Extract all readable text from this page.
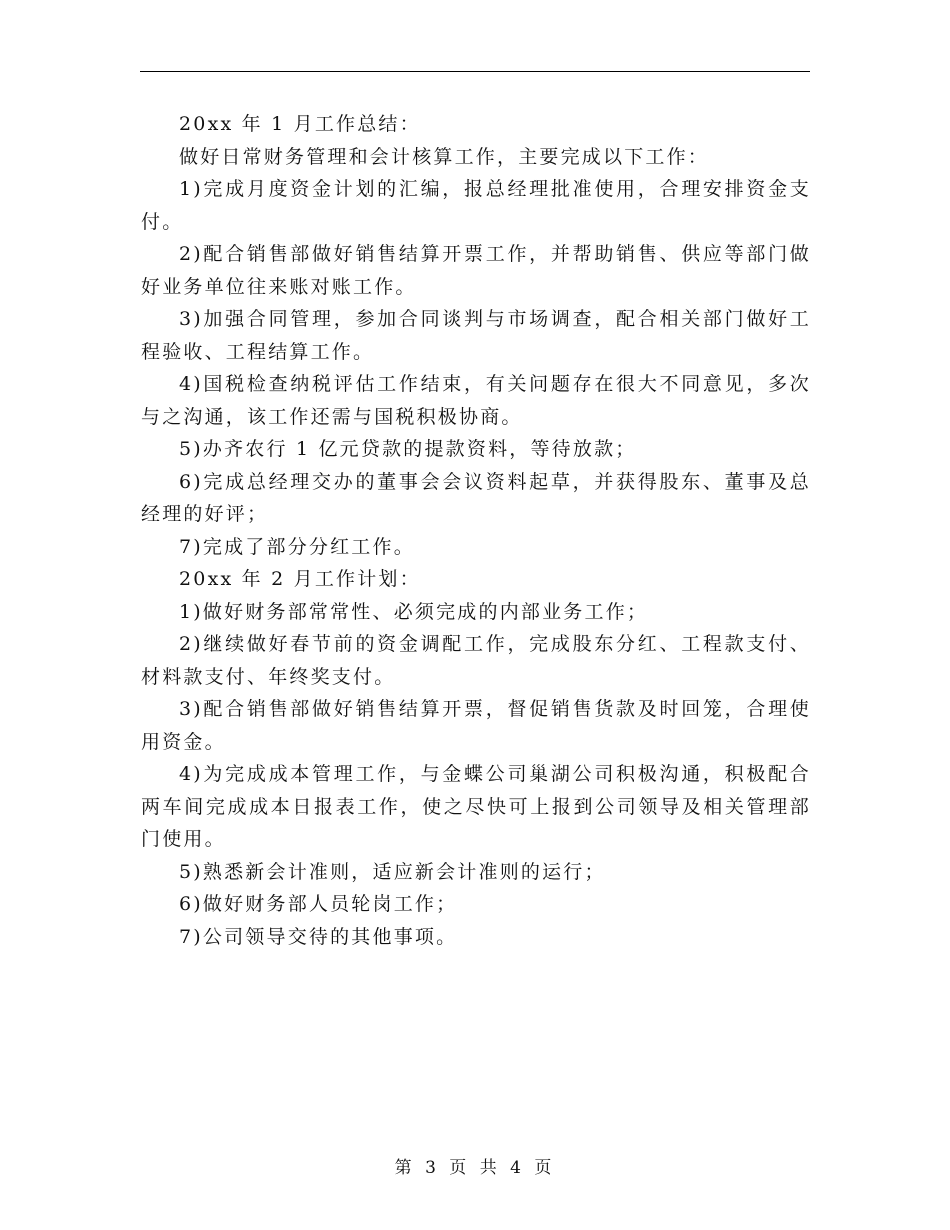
20xx 年 1 月工作总结：

做好日常财务管理和会计核算工作，主要完成以下工作：

1)完成月度资金计划的汇编，报总经理批准使用，合理安排资金支付。

2)配合销售部做好销售结算开票工作，并帮助销售、供应等部门做好业务单位往来账对账工作。

3)加强合同管理，参加合同谈判与市场调查，配合相关部门做好工程验收、工程结算工作。

4)国税检查纳税评估工作结束，有关问题存在很大不同意见，多次与之沟通，该工作还需与国税积极协商。

5)办齐农行 1 亿元贷款的提款资料，等待放款；

6)完成总经理交办的董事会会议资料起草，并获得股东、董事及总经理的好评；

7)完成了部分分红工作。

20xx 年 2 月工作计划：

1)做好财务部常常性、必须完成的内部业务工作；

2)继续做好春节前的资金调配工作，完成股东分红、工程款支付、材料款支付、年终奖支付。

3)配合销售部做好销售结算开票，督促销售货款及时回笼，合理使用资金。

4)为完成成本管理工作，与金蝶公司巢湖公司积极沟通，积极配合两车间完成成本日报表工作，使之尽快可上报到公司领导及相关管理部门使用。

5)熟悉新会计准则，适应新会计准则的运行；

6)做好财务部人员轮岗工作；

7)公司领导交待的其他事项。

第 3 页 共 4 页
